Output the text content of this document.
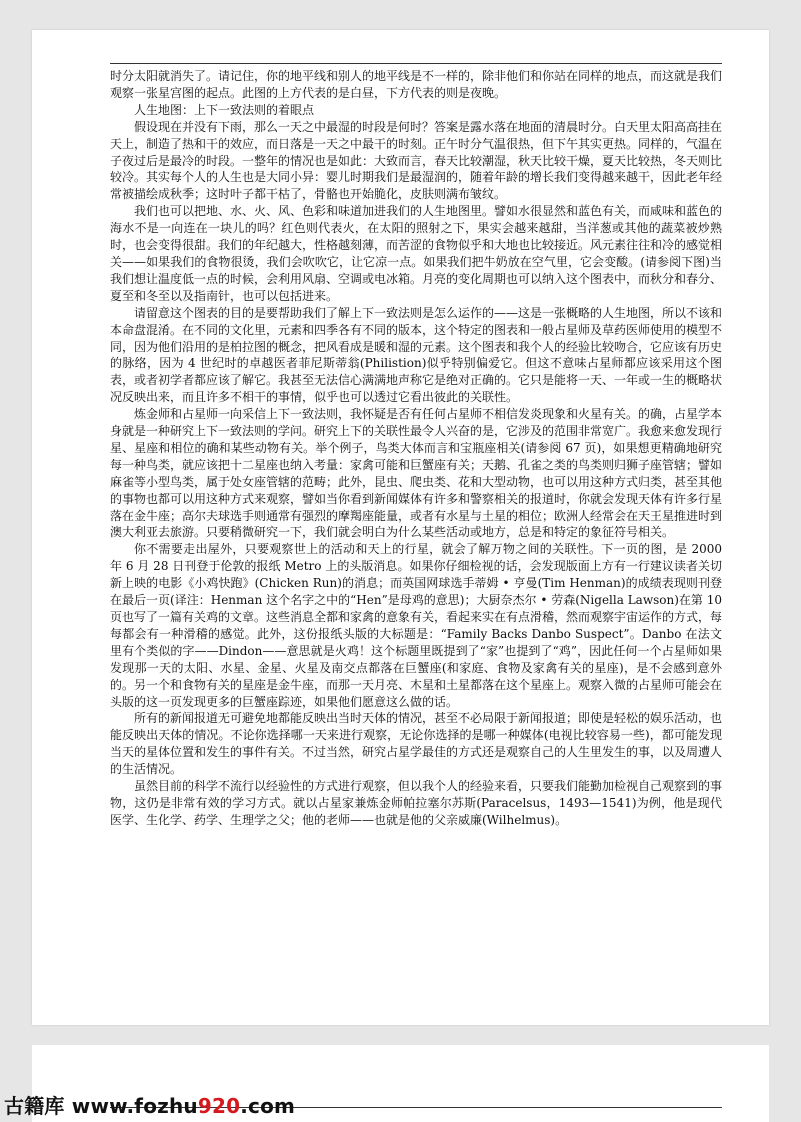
时分太阳就消失了。请记住，你的地平线和别人的地平线是不一样的，除非他们和你站在同样的地点，而这就是我们观察一张星宫图的起点。此图的上方代表的是白昼，下方代表的则是夜晚。

人生地图：上下一致法则的着眼点

假设现在并没有下雨，那么一天之中最湿的时段是何时？答案是露水落在地面的清晨时分。白天里太阳高高挂在天上，制造了热和干的效应，而日落是一天之中最干的时刻。正午时分气温很热，但下午其实更热。同样的，气温在子夜过后是最冷的时段。一整年的情况也是如此：大致而言，春天比较潮湿，秋天比较干燥，夏天比较热，冬天则比较冷。其实每个人的人生也是大同小异：婴儿时期我们是最湿润的，随着年龄的增长我们变得越来越干，因此老年经常被描绘成秋季；这时叶子都干枯了，骨骼也开始脆化，皮肤则满布皱纹。

我们也可以把地、水、火、风、色彩和味道加进我们的人生地图里。譬如水很显然和蓝色有关，而咸味和蓝色的海水不是一向连在一块儿的吗？红色则代表火，在太阳的照射之下，果实会越来越甜，当洋葱或其他的蔬菜被炒熟时，也会变得很甜。我们的年纪越大，性格越刻薄，而苦涩的食物似乎和大地也比较接近。风元素往往和冷的感觉相关——如果我们的食物很烫，我们会吹吹它，让它凉一点。如果我们把牛奶放在空气里，它会变酸。(请参阅下图)当我们想让温度低一点的时候，会利用风扇、空调或电冰箱。月亮的变化周期也可以纳入这个图表中，而秋分和春分、夏至和冬至以及指南针，也可以包括进来。

请留意这个图表的目的是要帮助我们了解上下一致法则是怎么运作的——这是一张概略的人生地图，所以不该和本命盘混淆。在不同的文化里，元素和四季各有不同的版本，这个特定的图表和一般占星师及草药医师使用的模型不同，因为他们沿用的是柏拉图的概念，把风看成是暖和湿的元素。这个图表和我个人的经验比较吻合，它应该有历史的脉络，因为 4 世纪时的卓越医者菲尼斯蒂翁(Philistion)似乎特别偏爱它。但这不意味占星师都应该采用这个图表，或者初学者都应该了解它。我甚至无法信心满满地声称它是绝对正确的。它只是能将一天、一年或一生的概略状况反映出来，而且许多不相干的事情，似乎也可以透过它看出彼此的关联性。

炼金师和占星师一向采信上下一致法则，我怀疑是否有任何占星师不相信发炎现象和火星有关。的确，占星学本身就是一种研究上下一致法则的学问。研究上下的关联性最令人兴奋的是，它涉及的范围非常宽广。我愈来愈发现行星、星座和相位的确和某些动物有关。举个例子，鸟类大体而言和宝瓶座相关(请参阅 67 页)，如果想更精确地研究每一种鸟类，就应该把十二星座也纳入考量：家禽可能和巨蟹座有关；天鹅、孔雀之类的鸟类则归狮子座管辖；譬如麻雀等小型鸟类，属于处女座管辖的范畴；此外，昆虫、爬虫类、花和大型动物，也可以用这种方式归类，甚至其他的事物也都可以用这种方式来观察，譬如当你看到新闻媒体有许多和警察相关的报道时，你就会发现天体有许多行星落在金牛座；高尔夫球选手则通常有强烈的摩羯座能量，或者有水星与土星的相位；欧洲人经常会在天王星推进时到澳大利亚去旅游。只要稍微研究一下，我们就会明白为什么某些活动或地方，总是和特定的象征符号相关。

你不需要走出屋外，只要观察世上的活动和天上的行星，就会了解万物之间的关联性。下一页的图，是 2000 年 6 月 28 日刊登于伦敦的报纸 Metro 上的头版消息。如果你仔细检视的话，会发现版面上方有一行建议读者关切新上映的电影《小鸡快跑》(Chicken Run)的消息；而英国网球选手蒂姆 • 亨曼(Tim Henman)的成绩表现则刊登在最后一页(译注：Henman 这个名字之中的“Hen”是母鸡的意思)；大厨奈杰尔 • 劳森(Nigella Lawson)在第 10 页也写了一篇有关鸡的文章。这些消息全都和家禽的意象有关，看起来实在有点滑稽，然而观察宇宙运作的方式，每每都会有一种滑稽的感觉。此外，这份报纸头版的大标题是：“Family Backs Danbo Suspect”。Danbo 在法文里有个类似的字——Dindon——意思就是火鸡！这个标题里既提到了“家”也提到了“鸡”，因此任何一个占星师如果发现那一天的太阳、水星、金星、火星及南交点都落在巨蟹座(和家庭、食物及家禽有关的星座)，是不会感到意外的。另一个和食物有关的星座是金牛座，而那一天月亮、木星和土星都落在这个星座上。观察入微的占星师可能会在头版的这一页发现更多的巨蟹座踪迹，如果他们愿意这么做的话。

所有的新闻报道无可避免地都能反映出当时天体的情况，甚至不必局限于新闻报道；即使是轻松的娱乐活动，也能反映出天体的情况。不论你选择哪一天来进行观察，无论你选择的是哪一种媒体(电视比较容易一些)，都可能发现当天的星体位置和发生的事件有关。不过当然，研究占星学最佳的方式还是观察自己的人生里发生的事，以及周遭人的生活情况。

虽然目前的科学不流行以经验性的方式进行观察，但以我个人的经验来看，只要我们能勤加检视自己观察到的事物，这仍是非常有效的学习方式。就以占星家兼炼金师帕拉塞尔苏斯(Paracelsus，1493—1541)为例，他是现代医学、生化学、药学、生理学之父；他的老师——也就是他的父亲威廉(Wilhelmus)。

古籍库 www.fozhu920.com
